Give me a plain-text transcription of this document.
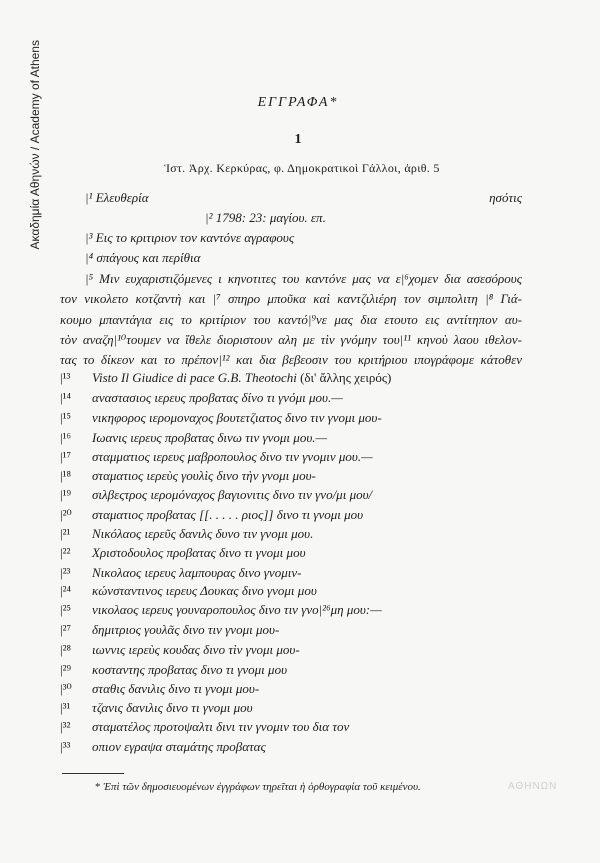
Ακαδημία Αθηνών / Academy of Athens	ΕΓΓΡΑΦΑ*
1
Ἱστ. Ἀρχ. Κερκύρας, φ. Δημοκρατικοὶ Γάλλοι, ἀριθ. 5
|¹ Ελευθερία	ησότις
|² 1798: 23: μαγίου. επ.
|³ Εις το κριτιριον τον καντόνε αγραφους
|⁴ σπάγους και περίθια
|⁵ Μιν ευχαριστιζόμενες ι κηνοτιτες του καντόνε μας να ε|⁶χομεν δια ασεσόρους
τον νικολετο κοτζαντὴ και |⁷ σπηρο μποῦκα καὶ καντζιλιέρη τον σιμπολιτη |⁸ Γιά-
κουμο μπαντάγια εις το κριτίριον του καντό|⁹νε μας δια ετουτο εις αντίτηπον αυ-
τὸν αναζη|¹⁰τουμεν να ἴθελε διοριστουν αλη με τὶν γνόμην του|¹¹ κηνοὺ λαου ιθελον-
τας το δίκεον και το πρέπον|¹² και δια βεβεοσιν του κριτήριου ιπογράφομε κάτοθεν
|¹³ Visto Il Giudice di pace G.B. Theotochi (δι' ἄλλης χειρός)
|¹⁴ αναστασιος ιερευς προβατας δίνο τι γνόμι μου.—
|¹⁵ νικηφορος ιερομοναχος βουτετζιατος δινο τιν γνομι μου-
|¹⁶ Ιωανις ιερευς προβατας δινω τιν γνομι μου.—
|¹⁷ σταμματιος ιερευς μαβροπουλος δινο τιν γνομιν μου.—
|¹⁸ σταματιος ιερεὺς γουλὶς δινο τὴν γνομι μου-
|¹⁹ σιλβεςτρος ιερομόναχος βαγιονιτις δινο τιν γνο/μι μου/
|²⁰ σταματιος προβατας [[. . . . . ριος]] δινο τι γνομι μου
|²¹ Νικόλαος ιερεῦς δανιλς δυνο τιν γνομι μου.
|²² Χριστοδουλος προβατας δινο τι γνομι μου
|²³ Νικολαος ιερευς λαμπουρας δινο γνομιν-
|²⁴ κώνσταντινος ιερευς Δουκας δινο γνομι μου
|²⁵ νικολαος ιερευς γουναροπουλος δινο τιν γνο|²⁶μη μου:—
|²⁷ δημιτριος γουλᾶς δινο τιν γνομι μου-
|²⁸ ιωννις ιερεὺς κουδας δινο τὶν γνομι μου-
|²⁹ κοσταντης προβατας δινο τι γνομι μου
|³⁰ σταθις δανιλις δινο τι γνομι μου-
|³¹ τζανις δανιλις δινο τι γνομι μου
|³² σταματέλος προτοψαλτι δινι τιν γνομιν του δια τον
|³³ οπιον εγραψα σταμάτης προβατας
* Ἐπὶ τῶν δημοσιευομένων ἐγγράφων τηρεῖται ἡ ὀρθογραφία τοῦ κειμένου.	ΑΘΗΝΩΝ
